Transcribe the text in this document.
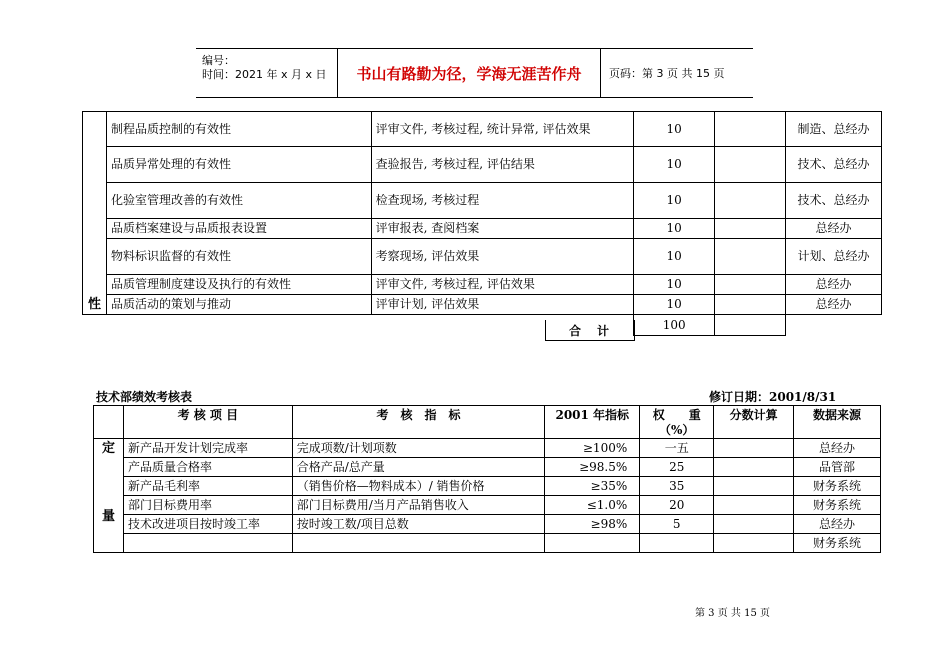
编号：
时间：2021 年 x 月 x 日	书山有路勤为径，学海无涯苦作舟	页码：第 3 页 共 15 页
性	制程品质控制的有效性	评审文件, 考核过程, 统计异常, 评估效果	10		制造、总经办
	品质异常处理的有效性	查验报告, 考核过程, 评估结果	10		技术、总经办
	化验室管理改善的有效性	检查现场, 考核过程	10		技术、总经办
	品质档案建设与品质报表设置	评审报表, 查阅档案	10		总经办
	物料标识监督的有效性	考察现场, 评估效果	10		计划、总经办
	品质管理制度建设及执行的有效性	评审文件, 考核过程, 评估效果	10		总经办
	品质活动的策划与推动	评审计划, 评估效果	10		总经办
			100		
合　计
技术部绩效考核表	修订日期：2001/8/31
	考 核 项 目	考　核　指　标	2001 年指标	权　　重（%）	分数计算	数据来源

定
量	新产品开发计划完成率	完成项数/计划项数	≥100%	一五		总经办
	产品质量合格率	合格产品/总产量	≥98.5%	25		品管部
	新产品毛利率	（销售价格—物料成本）/ 销售价格	≥35%	35		财务系统
	部门目标费用率	部门目标费用/当月产品销售收入	≤1.0%	20		财务系统
	技术改进项目按时竣工率	按时竣工数/项目总数	≥98%	5		总经办
						财务系统
第 3 页 共 15 页
